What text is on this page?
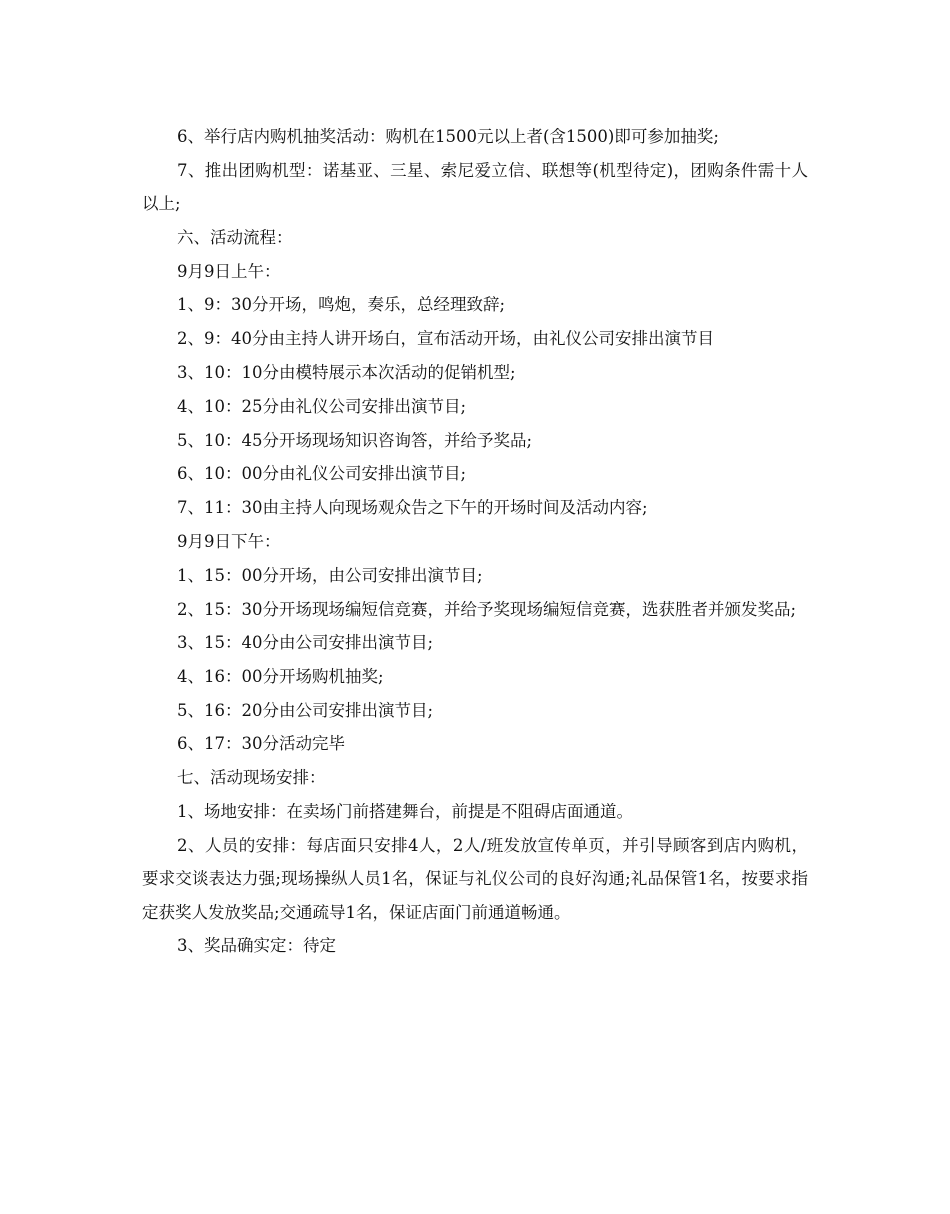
6、举行店内购机抽奖活动：购机在1500元以上者(含1500)即可参加抽奖;

7、推出团购机型：诺基亚、三星、索尼爱立信、联想等(机型待定)，团购条件需十人以上;

六、活动流程：

9月9日上午：

1、9：30分开场，鸣炮，奏乐，总经理致辞;

2、9：40分由主持人讲开场白，宣布活动开场，由礼仪公司安排出演节目

3、10：10分由模特展示本次活动的促销机型;

4、10：25分由礼仪公司安排出演节目;

5、10：45分开场现场知识咨询答，并给予奖品;

6、10：00分由礼仪公司安排出演节目;

7、11：30由主持人向现场观众告之下午的开场时间及活动内容;

9月9日下午：

1、15：00分开场，由公司安排出演节目;

2、15：30分开场现场编短信竞赛，并给予奖现场编短信竞赛，选获胜者并颁发奖品;

3、15：40分由公司安排出演节目;

4、16：00分开场购机抽奖;

5、16：20分由公司安排出演节目;

6、17：30分活动完毕

七、活动现场安排：

1、场地安排：在卖场门前搭建舞台，前提是不阻碍店面通道。

2、人员的安排：每店面只安排4人，2人/班发放宣传单页，并引导顾客到店内购机，要求交谈表达力强;现场操纵人员1名，保证与礼仪公司的良好沟通;礼品保管1名，按要求指定获奖人发放奖品;交通疏导1名，保证店面门前通道畅通。

3、奖品确实定：待定
